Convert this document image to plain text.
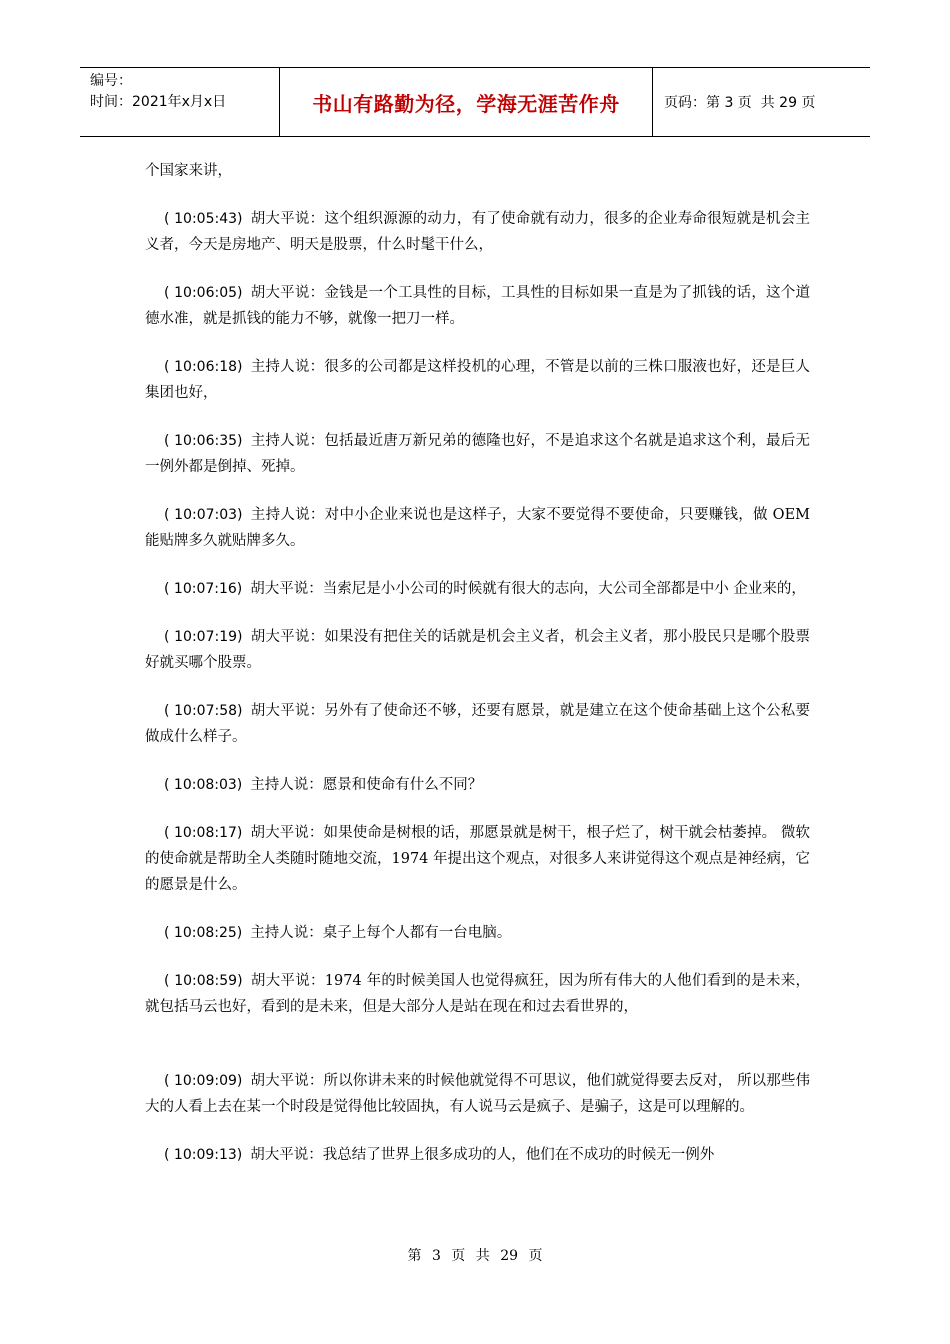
编号：
时间：2021年x月x日	书山有路勤为径，学海无涯苦作舟	页码：第 3 页  共 29 页

个国家来讲，

( 10:05:43) 胡大平说：这个组织源源的动力，有了使命就有动力，很多的企业寿命很短就是机会主义者，今天是房地产、明天是股票，什么时髦干什么，

( 10:06:05) 胡大平说：金钱是一个工具性的目标，工具性的目标如果一直是为了抓钱的话，这个道德水准，就是抓钱的能力不够，就像一把刀一样。

( 10:06:18) 主持人说：很多的公司都是这样投机的心理，不管是以前的三株口服液也好，还是巨人集团也好，

( 10:06:35) 主持人说：包括最近唐万新兄弟的德隆也好，不是追求这个名就是追求这个利，最后无一例外都是倒掉、死掉。

( 10:07:03) 主持人说：对中小企业来说也是这样子，大家不要觉得不要使命，只要赚钱，做 OEM 能贴牌多久就贴牌多久。

( 10:07:16) 胡大平说：当索尼是小小公司的时候就有很大的志向，大公司全部都是中小 企业来的，

( 10:07:19) 胡大平说：如果没有把住关的话就是机会主义者，机会主义者，那小股民只是哪个股票好就买哪个股票。

( 10:07:58) 胡大平说：另外有了使命还不够，还要有愿景，就是建立在这个使命基础上这个公私要做成什么样子。

( 10:08:03) 主持人说：愿景和使命有什么不同？

( 10:08:17) 胡大平说：如果使命是树根的话，那愿景就是树干，根子烂了，树干就会枯萎掉。 微软的使命就是帮助全人类随时随地交流，1974 年提出这个观点，对很多人来讲觉得这个观点是神经病，它的愿景是什么。

( 10:08:25) 主持人说：桌子上每个人都有一台电脑。

( 10:08:59) 胡大平说：1974 年的时候美国人也觉得疯狂，因为所有伟大的人他们看到的是未来，就包括马云也好，看到的是未来，但是大部分人是站在现在和过去看世界的，

( 10:09:09) 胡大平说：所以你讲未来的时候他就觉得不可思议，他们就觉得要去反对， 所以那些伟大的人看上去在某一个时段是觉得他比较固执，有人说马云是疯子、是骗子，这是可以理解的。

( 10:09:13) 胡大平说：我总结了世界上很多成功的人，他们在不成功的时候无一例外

第 3 页 共 29 页
